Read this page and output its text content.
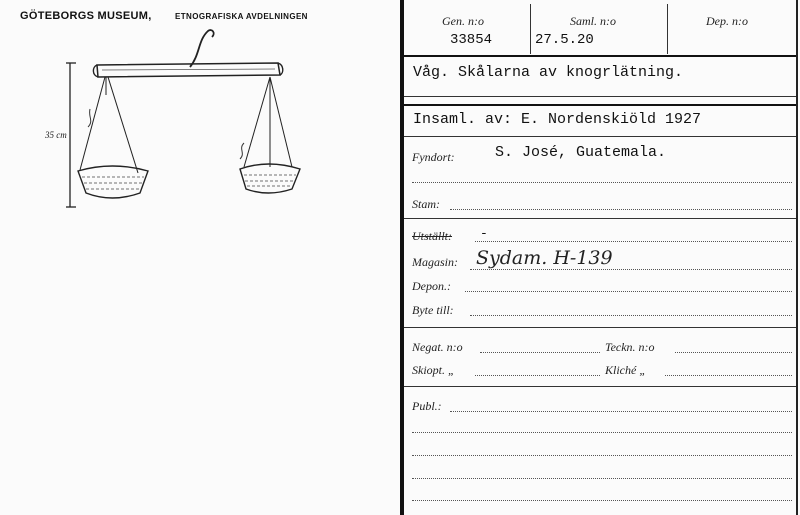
GÖTEBORGS MUSEUM,	ETNOGRAFISKA AVDELNINGEN
35 cm
Gen. n:o
33854
Saml. n:o
27.5.20
Dep. n:o
Våg. Skålarna av knogrlätning.
Insaml. av: E. Nordenskiöld 1927
Fyndort:	S. José, Guatemala.
Stam:
Utställt: -
Magasin: Sydam. H-139
Depon.:
Byte till:
Negat. n:o	Teckn. n:o
Skiopt. „	Kliché „
Publ.:
